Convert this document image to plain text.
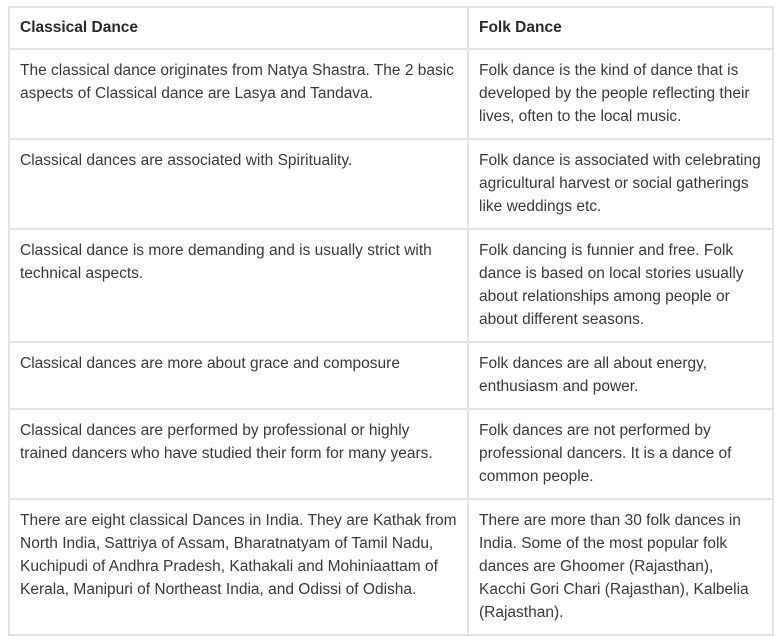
Classical Dance	Folk Dance
The classical dance originates from Natya Shastra. The 2 basic aspects of Classical dance are Lasya and Tandava.	Folk dance is the kind of dance that is developed by the people reflecting their lives, often to the local music.
Classical dances are associated with Spirituality.	Folk dance is associated with celebrating agricultural harvest or social gatherings like weddings etc.
Classical dance is more demanding and is usually strict with technical aspects.	Folk dancing is funnier and free. Folk dance is based on local stories usually about relationships among people or about different seasons.
Classical dances are more about grace and composure	Folk dances are all about energy, enthusiasm and power.
Classical dances are performed by professional or highly trained dancers who have studied their form for many years.	Folk dances are not performed by professional dancers. It is a dance of common people.
There are eight classical Dances in India. They are Kathak from North India, Sattriya of Assam, Bharatnatyam of Tamil Nadu, Kuchipudi of Andhra Pradesh, Kathakali and Mohiniaattam of Kerala, Manipuri of Northeast India, and Odissi of Odisha.	There are more than 30 folk dances in India. Some of the most popular folk dances are Ghoomer (Rajasthan), Kacchi Gori Chari (Rajasthan), Kalbelia (Rajasthan).
